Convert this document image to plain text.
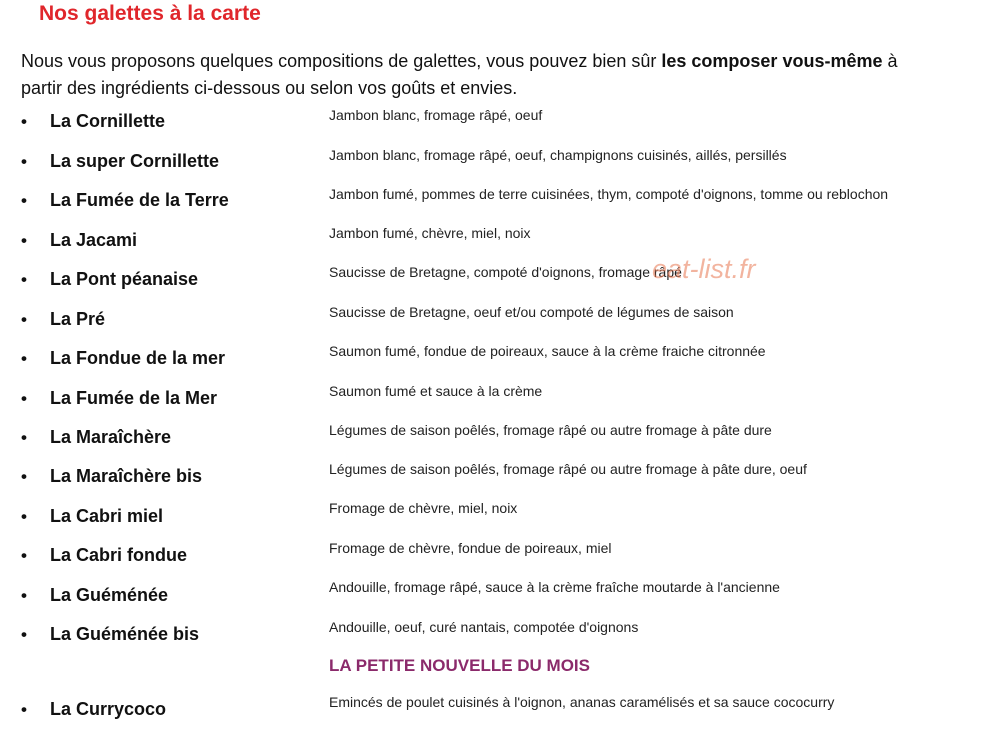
Nos galettes à la carte
Nous vous proposons quelques compositions de galettes, vous pouvez bien sûr les composer vous-même à partir des ingrédients ci-dessous ou selon vos goûts et envies.
• La Cornillette	Jambon blanc, fromage râpé, oeuf
• La super Cornillette	Jambon blanc, fromage râpé, oeuf, champignons cuisinés, aillés, persillés
• La Fumée de la Terre	Jambon fumé, pommes de terre cuisinées, thym, compoté d'oignons, tomme ou reblochon
• La Jacami	Jambon fumé, chèvre, miel, noix
• La Pont péanaise	Saucisse de Bretagne, compoté d'oignons, fromage râpé
• La Pré	Saucisse de Bretagne, oeuf et/ou compoté de légumes de saison
• La Fondue de la mer	Saumon fumé, fondue de poireaux, sauce à la crème fraiche citronnée
• La Fumée de la Mer	Saumon fumé et sauce à la crème
• La Maraîchère	Légumes de saison poêlés, fromage râpé ou autre fromage à pâte dure
• La Maraîchère bis	Légumes de saison poêlés, fromage râpé ou autre fromage à pâte dure, oeuf
• La Cabri miel	Fromage de chèvre, miel, noix
• La Cabri fondue	Fromage de chèvre, fondue de poireaux, miel
• La Guéménée	Andouille, fromage râpé, sauce à la crème fraîche moutarde à l'ancienne
• La Guéménée bis	Andouille, oeuf, curé nantais, compotée d'oignons
LA PETITE NOUVELLE DU MOIS
• La Currycoco	Emincés de poulet cuisinés à l'oignon, ananas caramélisés et sa sauce cococurry
eat-list.fr
